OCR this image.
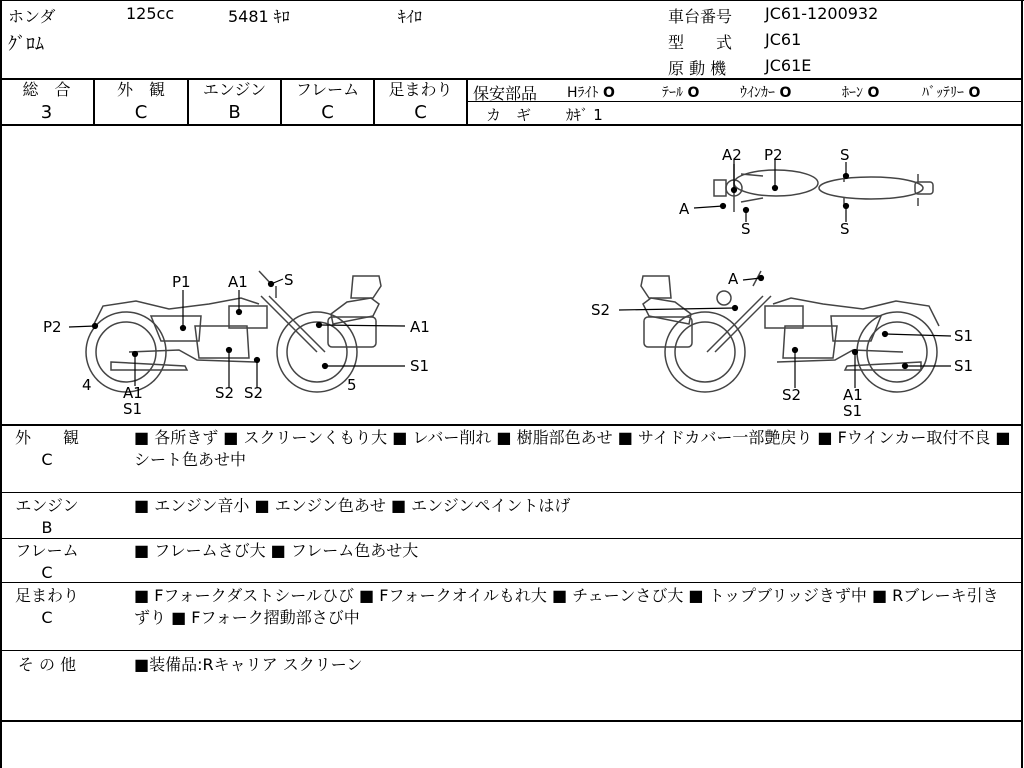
ホンダ	125cc	5481 ｷﾛ	ｷｲﾛ
ｸﾞﾛﾑ
車台番号 JC61-1200932
型　　式 JC61
原 動 機 JC61E
総　合
3
外　観
C
エンジン
B
フレーム
C
足まわり
C
保安部品 Hﾗｲﾄ O	ﾃｰﾙ O	ｳｲﾝｶｰ O	ﾎｰﾝ O	ﾊﾞｯﾃﾘｰ O
カ　ギ ｶｷﾞ 1
A2 P2	S
A
S	S
P1 A1 S
P2	A1
4 A1
S1
S2 S2	5
S1
A
S2
S1
S1
S2	A1
S1
外　　観
C
■ 各所きず ■ スクリーンくもり大 ■ レバー削れ ■ 樹脂部色あせ ■ サイドカバー一部艶戻り ■ Fウインカー取付不良 ■ シート色あせ中
エンジン
B
■ エンジン音小 ■ エンジン色あせ ■ エンジンペイントはげ
フレーム
C
■ フレームさび大 ■ フレーム色あせ大
足まわり
C
■ Fフォークダストシールひび ■ Fフォークオイルもれ大 ■ チェーンさび大 ■ トップブリッジきず中 ■ Rブレーキ引きずり ■ Fフォーク摺動部さび中
そ の 他	■装備品:Rキャリア スクリーン
